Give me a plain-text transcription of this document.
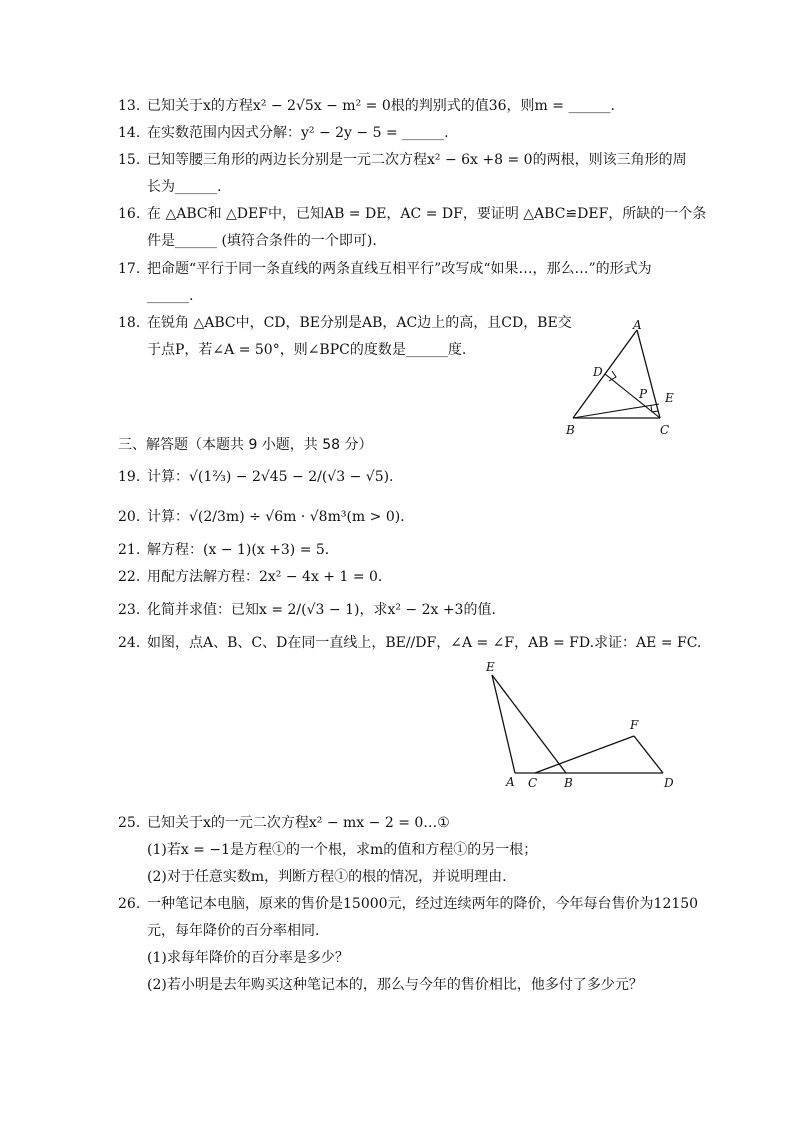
13. 已知关于x的方程x² − 2√5x − m² = 0根的判别式的值36，则m = ______.
14. 在实数范围内因式分解：y² − 2y − 5 = ______.
15. 已知等腰三角形的两边长分别是一元二次方程x² − 6x +8 = 0的两根，则该三角形的周
长为______.
16. 在 △ABC和 △DEF中，已知AB = DE，AC = DF，要证明 △ABC≌DEF，所缺的一个条
件是______ (填符合条件的一个即可).
17. 把命题“平行于同一条直线的两条直线互相平行”改写成“如果…，那么…”的形式为
______.
18. 在锐角 △ABC中，CD，BE分别是AB，AC边上的高，且CD，BE交
于点P，若∠A = 50°，则∠BPC的度数是______度.
A
D
P E
B	C
三、解答题（本题共 9 小题，共 58 分）
19. 计算：√(1⅔) − 2√45 − 2/(√3 − √5).
20. 计算：√(2/3m) ÷ √6m · √8m³(m > 0).
21. 解方程：(x − 1)(x +3) = 5.
22. 用配方法解方程：2x² − 4x + 1 = 0.
23. 化简并求值：已知x = 2/(√3 − 1)，求x² − 2x +3的值.
24. 如图，点A、B、C、D在同一直线上，BE//DF，∠A = ∠F，AB = FD.求证：AE = FC.
E
F
A C B	D
25. 已知关于x的一元二次方程x² − mx − 2 = 0…①
(1)若x = −1是方程①的一个根，求m的值和方程①的另一根；
(2)对于任意实数m，判断方程①的根的情况，并说明理由.
26. 一种笔记本电脑，原来的售价是15000元，经过连续两年的降价，今年每台售价为12150
元，每年降价的百分率相同.
(1)求每年降价的百分率是多少？
(2)若小明是去年购买这种笔记本的，那么与今年的售价相比，他多付了多少元？
